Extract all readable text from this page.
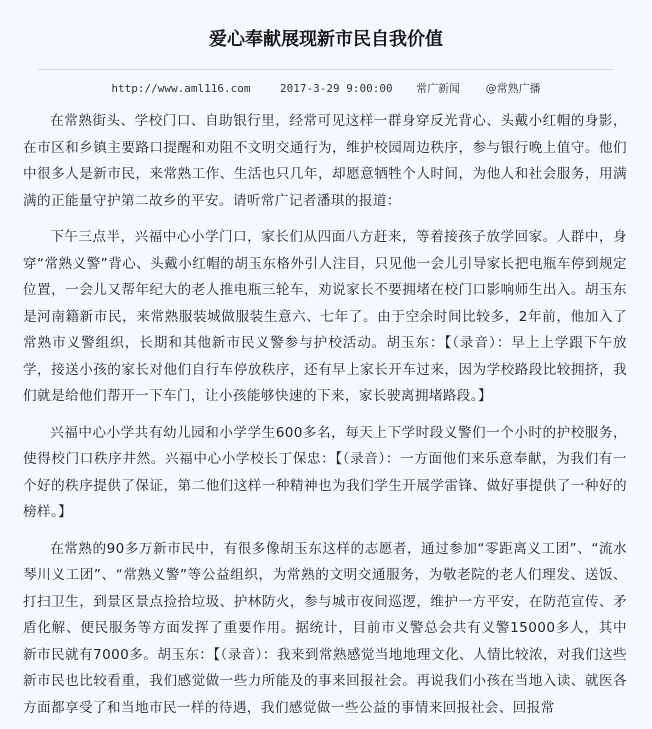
爱心奉献展现新市民自我价值
http://www.aml116.com	2017-3-29 9:00:00 常广新闻 @常熟广播

在常熟街头、学校门口、自助银行里，经常可见这样一群身穿反光背心、头戴小红帽的身影，在市区和乡镇主要路口提醒和劝阻不文明交通行为，维护校园周边秩序，参与银行晚上值守。他们中很多人是新市民，来常熟工作、生活也只几年，却愿意牺牲个人时间，为他人和社会服务，用满满的正能量守护第二故乡的平安。请听常广记者潘琪的报道：

下午三点半，兴福中心小学门口，家长们从四面八方赶来，等着接孩子放学回家。人群中，身穿“常熟义警”背心、头戴小红帽的胡玉东格外引人注目，只见他一会儿引导家长把电瓶车停到规定位置，一会儿又帮年纪大的老人推电瓶三轮车，劝说家长不要拥堵在校门口影响师生出入。胡玉东是河南籍新市民，来常熟服装城做服装生意六、七年了。由于空余时间比较多，2年前，他加入了常熟市义警组织，长期和其他新市民义警参与护校活动。胡玉东：【（录音）：早上上学跟下午放学，接送小孩的家长对他们自行车停放秩序，还有早上家长开车过来，因为学校路段比较拥挤，我们就是给他们帮开一下车门，让小孩能够快速的下来，家长驶离拥堵路段。】

兴福中心小学共有幼儿园和小学学生600多名，每天上下学时段义警们一个小时的护校服务，使得校门口秩序井然。兴福中心小学校长丁保忠：【（录音）：一方面他们来乐意奉献，为我们有一个好的秩序提供了保证，第二他们这样一种精神也为我们学生开展学雷锋、做好事提供了一种好的榜样。】

在常熟的90多万新市民中，有很多像胡玉东这样的志愿者，通过参加“零距离义工团”、“流水琴川义工团”、“常熟义警”等公益组织，为常熟的文明交通服务，为敬老院的老人们理发、送饭、打扫卫生，到景区景点捡拾垃圾、护林防火，参与城市夜间巡逻，维护一方平安，在防范宣传、矛盾化解、便民服务等方面发挥了重要作用。据统计，目前市义警总会共有义警15000多人，其中新市民就有7000多。胡玉东：【（录音）：我来到常熟感觉当地地理文化、人情比较浓，对我们这些新市民也比较看重，我们感觉做一些力所能及的事来回报社会。再说我们小孩在当地入读、就医各方面都享受了和当地市民一样的待遇，我们感觉做一些公益的事情来回报社会、回报常
